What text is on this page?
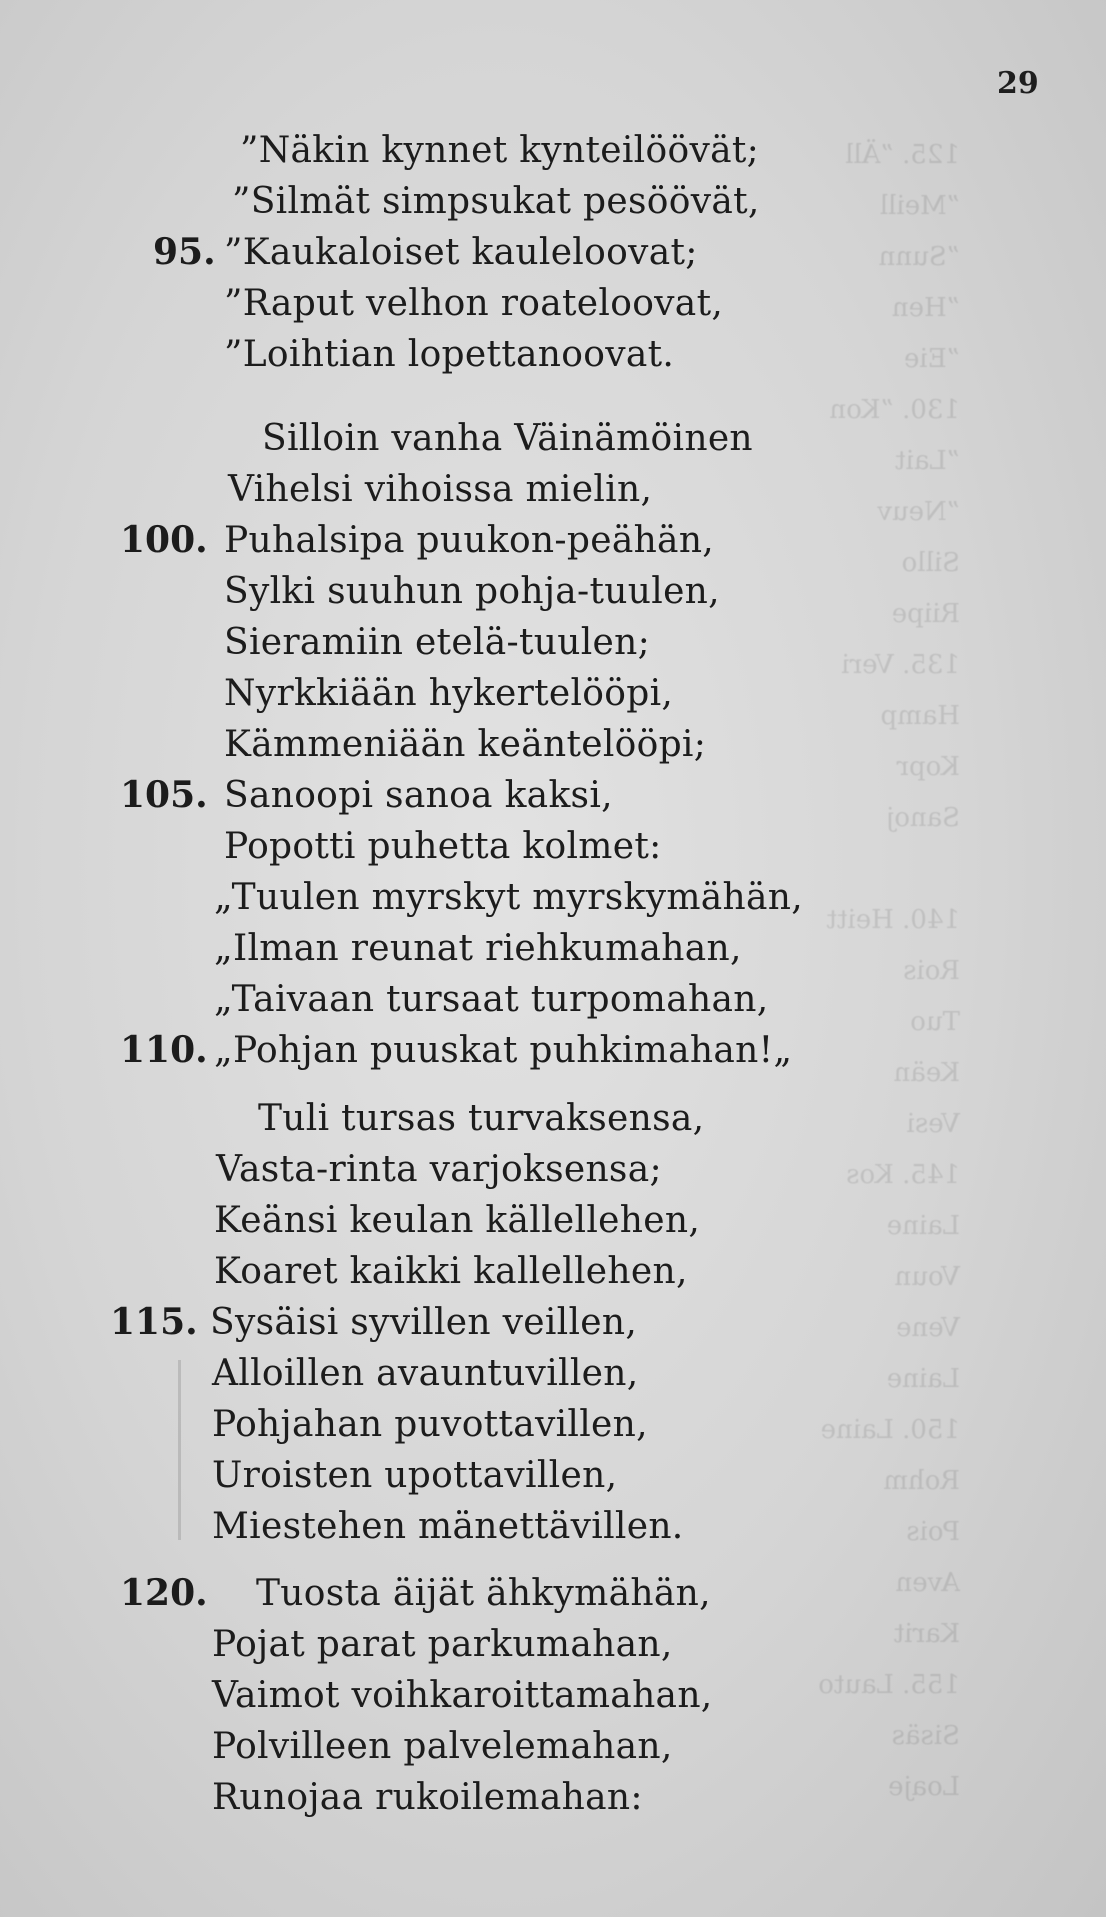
125. ”Äll
”Meill
”Sunn
”Hen
”Eie
130. ”Kon
”Lait
”Neuv
Sillo
Riipe
135. Veri
Hamp
Kopr
Sanoj

140. Heitt
Rois
Tuo
Keän
Vesi
145. Kos
Laine
Voun
Vene
Laine
150. Laine
Rohm
Pois
Aven
Karit
155. Lauto
Sisäs
Loaje
29
”Näkin kynnet kynteilöövät;
”Silmät simpsukat pesöövät,
95. ”Kaukaloiset kauleloovat;
”Raput velhon roateloovat,
”Loihtian lopettanoovat.
Silloin vanha Väinämöinen
Vihelsi vihoissa mielin,
100. Puhalsipa puukon-peähän,
Sylki suuhun pohja-tuulen,
Sieramiin etelä-tuulen;
Nyrkkiään hykertelööpi,
Kämmeniään keäntelööpi;
105. Sanoopi sanoa kaksi,
Popotti puhetta kolmet:
„Tuulen myrskyt myrskymähän,
„Ilman reunat riehkumahan,
„Taivaan tursaat turpomahan,
110. „Pohjan puuskat puhkimahan!„
Tuli tursas turvaksensa,
Vasta-rinta varjoksensa;
Keänsi keulan källellehen,
Koaret kaikki kallellehen,
115. Sysäisi syvillen veillen,
Alloillen avauntuvillen,
Pohjahan puvottavillen,
Uroisten upottavillen,
Miestehen mänettävillen.
120. Tuosta äijät ähkymähän,
Pojat parat parkumahan,
Vaimot voihkaroittamahan,
Polvilleen palvelemahan,
Runojaa rukoilemahan:
